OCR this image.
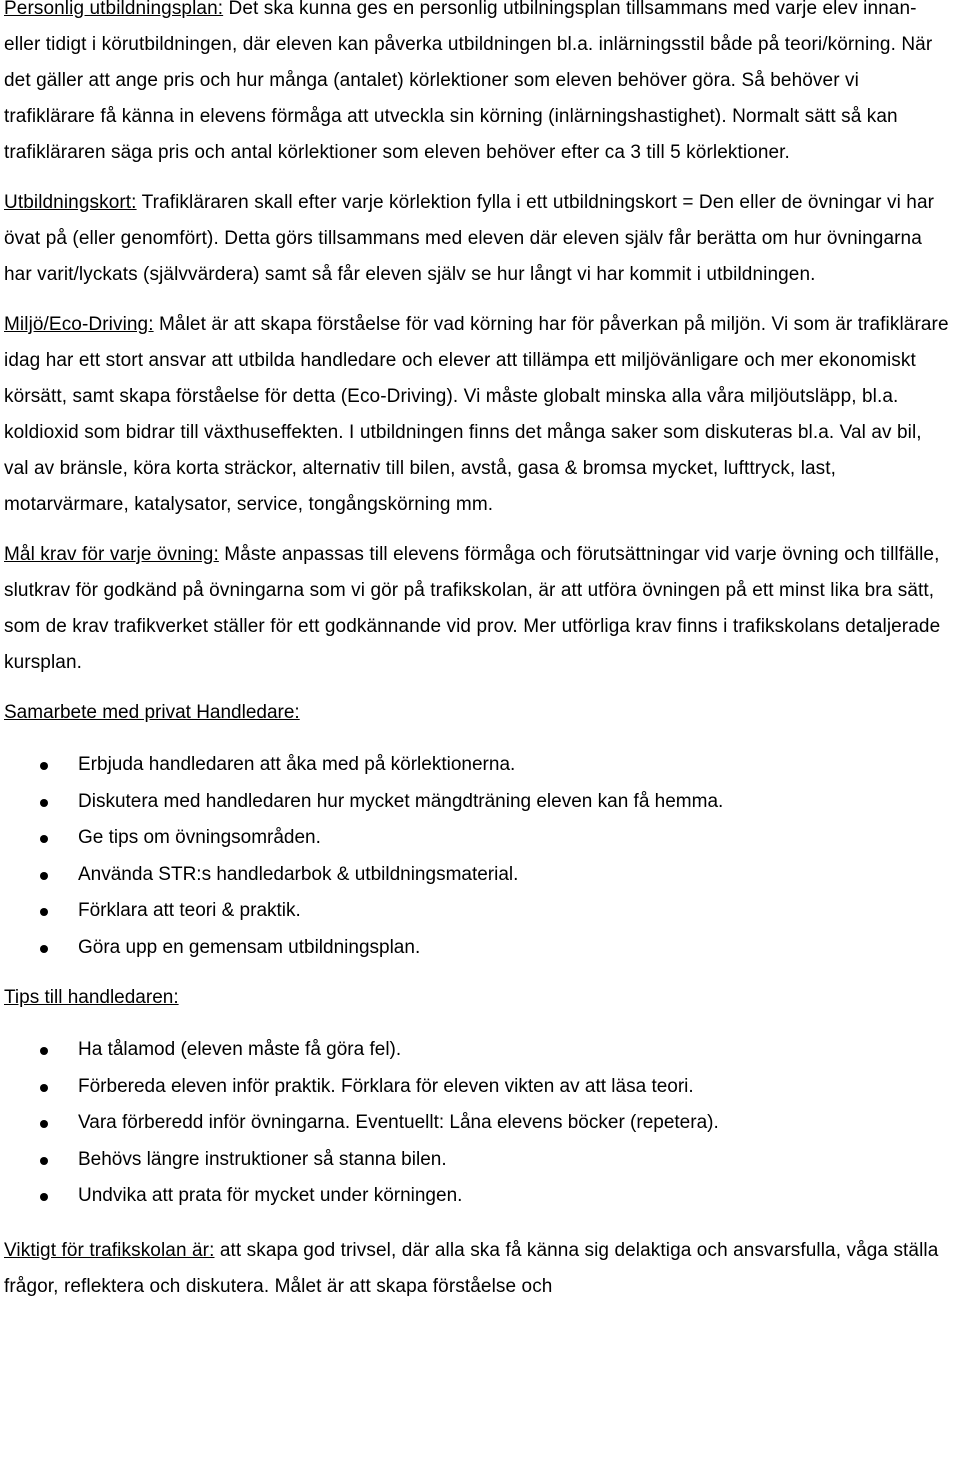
Personlig utbildningsplan: Det ska kunna ges en personlig utbilningsplan tillsammans med varje elev innan- eller tidigt i körutbildningen, där eleven kan påverka utbildningen bl.a. inlärningsstil både på teori/körning. När det gäller att ange pris och hur många (antalet) körlektioner som eleven behöver göra. Så behöver vi trafiklärare få känna in elevens förmåga att utveckla sin körning (inlärningshastighet). Normalt sätt så kan trafikläraren säga pris och antal körlektioner som eleven behöver efter ca 3 till 5 körlektioner.

Utbildningskort: Trafikläraren skall efter varje körlektion fylla i ett utbildningskort = Den eller de övningar vi har övat på (eller genomfört). Detta görs tillsammans med eleven där eleven själv får berätta om hur övningarna har varit/lyckats (självvärdera) samt så får eleven själv se hur långt vi har kommit i utbildningen.

Miljö/Eco-Driving: Målet är att skapa förståelse för vad körning har för påverkan på miljön. Vi som är trafiklärare idag har ett stort ansvar att utbilda handledare och elever att tillämpa ett miljövänligare och mer ekonomiskt körsätt, samt skapa förståelse för detta (Eco-Driving). Vi måste globalt minska alla våra miljöutsläpp, bl.a. koldioxid som bidrar till växthuseffekten. I utbildningen finns det många saker som diskuteras bl.a. Val av bil, val av bränsle, köra korta sträckor, alternativ till bilen, avstå, gasa & bromsa mycket, lufttryck, last, motarvärmare, katalysator, service, tongångskörning mm.

Mål krav för varje övning: Måste anpassas till elevens förmåga och förutsättningar vid varje övning och tillfälle, slutkrav för godkänd på övningarna som vi gör på trafikskolan, är att utföra övningen på ett minst lika bra sätt, som de krav trafikverket ställer för ett godkännande vid prov. Mer utförliga krav finns i trafikskolans detaljerade kursplan.

Samarbete med privat Handledare:

Erbjuda handledaren att åka med på körlektionerna.
Diskutera med handledaren hur mycket mängdträning eleven kan få hemma.
Ge tips om övningsområden.
Använda STR:s handledarbok & utbildningsmaterial.
Förklara att teori & praktik.
Göra upp en gemensam utbildningsplan.

Tips till handledaren:

Ha tålamod (eleven måste få göra fel).
Förbereda eleven inför praktik. Förklara för eleven vikten av att läsa teori.
Vara förberedd inför övningarna. Eventuellt: Låna elevens böcker (repetera).
Behövs längre instruktioner så stanna bilen.
Undvika att prata för mycket under körningen.

Viktigt för trafikskolan är: att skapa god trivsel, där alla ska få känna sig delaktiga och ansvarsfulla, våga ställa frågor, reflektera och diskutera. Målet är att skapa förståelse och
